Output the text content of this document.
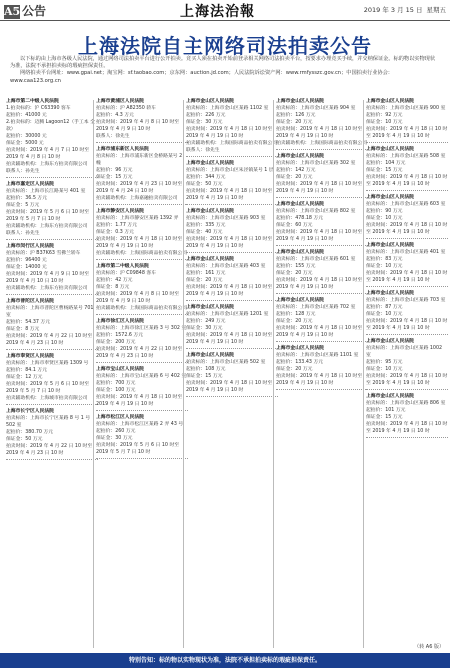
A5 公告	上海法治報	2019 年 3 月 15 日 星期五
上海法院自主网络司法拍卖公告

以下标的由上海市各级人民法院，通过网络司法拍卖平台进行公开拍卖。竞买人须在拍卖开始前登录相关网络司法拍卖平台，按要求办理竞买手续，并交纳保证金。标的物以实物现状为准，法院不承担拍卖标的瑕疵担保责任。

网络拍卖平台网址：www.gpai.net；淘宝网：sf.taobao.com；京东网：auction.jd.com；人民法院诉讼资产网：www.rmfysszc.gov.cn；中国拍卖行业协会：www.caa123.org.cn

上海市第二中级人民法院
1.拍卖标的：沪 C63390 客车
起拍价：41000 元
2.拍卖标的：迈腾 Lagoon12（手工本 全款）
起拍价：30000 元
保证金：5000 元
拍卖时间：2019 年 4 月 7 日 10 时至 2019 年 4 月 8 日 10 时
拍卖辅助机构：上海东方拍卖有限公司
联系人：孙先生
上海市嘉定区人民法院
拍卖标的：上海市长江路某号 401 室
起拍价：36.5 万元
保证金：5 万元
拍卖时间：2019 年 5 月 6 日 10 时至 2019 年 5 月 7 日 10 时
拍卖辅助机构：上海东方拍卖有限公司
联系人：孙先生
上海市闵行区人民法院
拍卖标的：沪 B37K63 雪佛兰轿车
起拍价：96400 元
保证金：14000 元
拍卖时间：2019 年 4 月 9 日 10 时至 2019 年 4 月 10 日 10 时
拍卖辅助机构：上海东方拍卖有限公司
上海市普陀区人民法院
拍卖标的：上海市普陀区曹杨路某号 701 室
起拍价：54.37 万元
保证金：8 万元
拍卖时间：2019 年 4 月 22 日 10 时至 2019 年 4 月 23 日 10 时
上海市奉贤区人民法院
拍卖标的：上海市奉贤区某路 1309 号
起拍价：84.1 万元
保证金：12 万元
拍卖时间：2019 年 5 月 6 日 10 时至 2019 年 5 月 7 日 10 时
拍卖辅助机构：上海城市拍卖有限公司
上海市长宁区人民法院
拍卖标的：上海市长宁区某路 8 号 1 号 502 室
起拍价：380.70 万元
保证金：50 万元
拍卖时间：2019 年 4 月 22 日 10 时至 2019 年 4 月 23 日 10 时
上海市黄浦区人民法院
拍卖标的：沪 A82350 轿车
起拍价：4.3 万元
拍卖时间：2019 年 4 月 8 日 10 时至 2019 年 4 月 9 日 10 时
联系人：徐先生
上海市浦东新区人民法院
拍卖标的：上海市浦东新区金桥路某号 2 幢
起拍价：96 万元
保证金：15 万元
拍卖时间：2019 年 4 月 23 日 10 时至 2019 年 4 月 24 日 10 时
拍卖辅助机构：上海嘉融拍卖有限公司
上海市静安区人民法院
拍卖标的：上海市静安区某路 1392 弄
起拍价：1.77 万元
保证金：0.3 万元
拍卖时间：2019 年 4 月 18 日 10 时至 2019 年 4 月 19 日 10 时
拍卖辅助机构：上海国际商品拍卖有限公司
上海市第二中级人民法院
拍卖标的：沪 C09848 客车
起拍价：42 万元
保证金：8 万元
拍卖时间：2019 年 4 月 8 日 10 时至 2019 年 4 月 9 日 10 时
拍卖辅助机构：上海国际商品拍卖有限公司
上海市徐汇区人民法院
拍卖标的：上海市徐汇区某路 3 号 302 室
起拍价：1572.6 万元
保证金：200 万元
拍卖时间：2019 年 4 月 22 日 10 时至 2019 年 4 月 23 日 10 时
上海市宝山区人民法院
拍卖标的：上海市宝山区某路 6 号 402 室
起拍价：700 万元
保证金：100 万元
拍卖时间：2019 年 4 月 18 日 10 时至 2019 年 4 月 19 日 10 时
上海市松江区人民法院
拍卖标的：上海市松江区某路 2 弄 43 号
起拍价：260 万元
保证金：30 万元
拍卖时间：2019 年 5 月 6 日 10 时至 2019 年 5 月 7 日 10 时
上海市金山区人民法院
拍卖标的：上海市金山区某路 1102 室
起拍价：226 万元
保证金：30 万元
拍卖时间：2019 年 4 月 18 日 10 时至 2019 年 4 月 19 日 10 时
拍卖辅助机构：上海国际商品拍卖有限公司
联系人：徐先生
上海市金山区人民法院
拍卖标的：上海市金山区朱泾镇某号 1 层
起拍价：344 万元
保证金：50 万元
拍卖时间：2019 年 4 月 18 日 10 时至 2019 年 4 月 19 日 10 时
上海市金山区人民法院
拍卖标的：上海市金山区某路 903 室
起拍价：335 万元
保证金：40 万元
拍卖时间：2019 年 4 月 18 日 10 时至 2019 年 4 月 19 日 10 时
上海市金山区人民法院
拍卖标的：上海市金山区某路 403 室
起拍价：161 万元
保证金：20 万元
拍卖时间：2019 年 4 月 18 日 10 时至 2019 年 4 月 19 日 10 时
上海市金山区人民法院
拍卖标的：上海市金山区某路 1201 室
起拍价：249 万元
保证金：30 万元
拍卖时间：2019 年 4 月 18 日 10 时至 2019 年 4 月 19 日 10 时
上海市金山区人民法院
拍卖标的：上海市金山区某路 502 室
起拍价：108 万元
保证金：15 万元
拍卖时间：2019 年 4 月 18 日 10 时至 2019 年 4 月 19 日 10 时
上海市金山区人民法院
拍卖标的：上海市金山区某路 904 室
起拍价：126 万元
保证金：20 万元
拍卖时间：2019 年 4 月 18 日 10 时至 2019 年 4 月 19 日 10 时
拍卖辅助机构：上海国际商品拍卖有限公司
上海市金山区人民法院
拍卖标的：上海市金山区某路 302 室
起拍价：142 万元
保证金：20 万元
拍卖时间：2019 年 4 月 18 日 10 时至 2019 年 4 月 19 日 10 时
上海市金山区人民法院
拍卖标的：上海市金山区某路 802 室
起拍价：478.18 万元
保证金：60 万元
拍卖时间：2019 年 4 月 18 日 10 时至 2019 年 4 月 19 日 10 时
上海市金山区人民法院
拍卖标的：上海市金山区某路 601 室
起拍价：155 万元
保证金：20 万元
拍卖时间：2019 年 4 月 18 日 10 时至 2019 年 4 月 19 日 10 时
上海市金山区人民法院
拍卖标的：上海市金山区某路 702 室
起拍价：128 万元
保证金：20 万元
拍卖时间：2019 年 4 月 18 日 10 时至 2019 年 4 月 19 日 10 时
上海市金山区人民法院
拍卖标的：上海市金山区某路 1101 室
起拍价：133.43 万元
保证金：20 万元
拍卖时间：2019 年 4 月 18 日 10 时至 2019 年 4 月 19 日 10 时
上海市金山区人民法院
拍卖标的：上海市金山区某路 900 室
起拍价：92 万元
保证金：10 万元
拍卖时间：2019 年 4 月 18 日 10 时至 2019 年 4 月 19 日 10 时
上海市金山区人民法院
拍卖标的：上海市金山区某路 508 室
起拍价：104 万元
保证金：15 万元
拍卖时间：2019 年 4 月 18 日 10 时至 2019 年 4 月 19 日 10 时
上海市金山区人民法院
拍卖标的：上海市金山区某路 603 室
起拍价：90 万元
保证金：10 万元
拍卖时间：2019 年 4 月 18 日 10 时至 2019 年 4 月 19 日 10 时
上海市金山区人民法院
拍卖标的：上海市金山区某路 401 室
起拍价：83 万元
保证金：10 万元
拍卖时间：2019 年 4 月 18 日 10 时至 2019 年 4 月 19 日 10 时
上海市金山区人民法院
拍卖标的：上海市金山区某路 703 室
起拍价：87 万元
保证金：10 万元
拍卖时间：2019 年 4 月 18 日 10 时至 2019 年 4 月 19 日 10 时
上海市金山区人民法院
拍卖标的：上海市金山区某路 1002 室
起拍价：95 万元
保证金：10 万元
拍卖时间：2019 年 4 月 18 日 10 时至 2019 年 4 月 19 日 10 时
上海市金山区人民法院
拍卖标的：上海市金山区某路 806 室
起拍价：101 万元
保证金：15 万元
拍卖时间：2019 年 4 月 18 日 10 时至 2019 年 4 月 19 日 10 时
（转 A6 版）
特别告知：标的物以实物现状为准，法院不承担拍卖标的瑕疵担保责任。
